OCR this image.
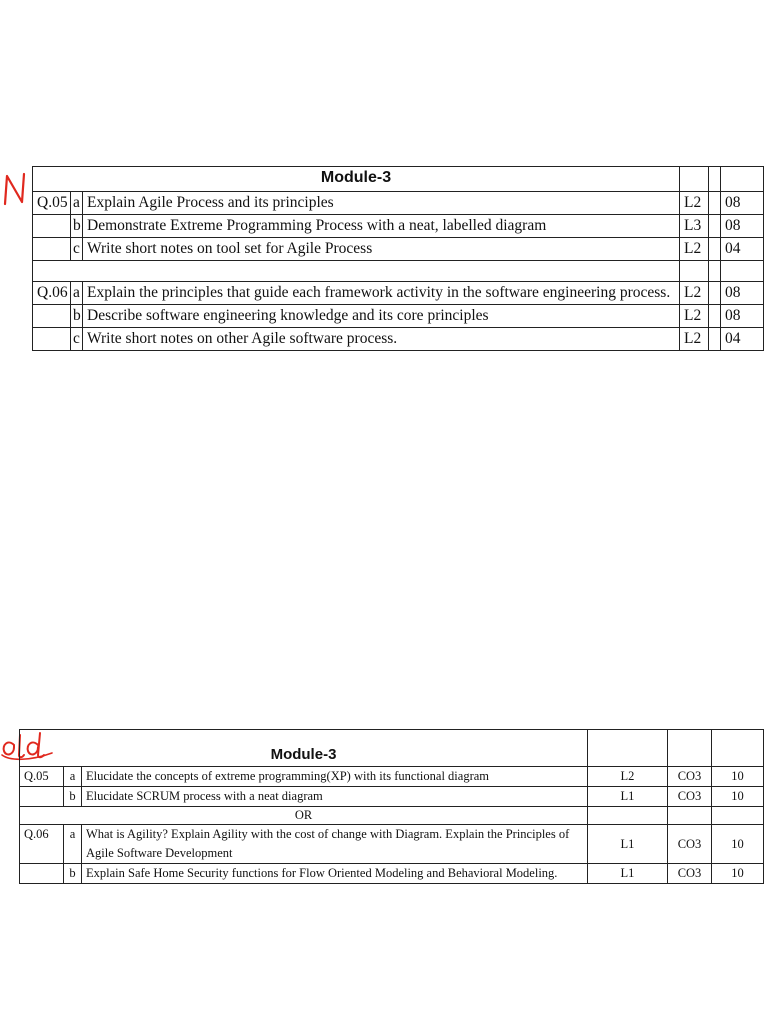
Module-3					
Q.05	a	Explain Agile Process and its principles	L2		08
	b	Demonstrate Extreme Programming Process with a neat, labelled diagram	L3		08
	c	Write short notes on tool set for Agile Process	L2		04

Q.06	a	Explain the principles that guide each framework activity in the software engineering process.	L2		08
	b	Describe software engineering knowledge and its core principles	L2		08
	c	Write short notes on other Agile software process.	L2		04
Module-3					
Q.05	a	Elucidate the concepts of extreme programming(XP) with its functional diagram	L2	CO3	10
	b	Elucidate SCRUM process with a neat diagram	L1	CO3	10
OR					
Q.06	a	What is Agility? Explain Agility with the cost of change with Diagram. Explain the Principles of Agile Software Development	L1	CO3	10
	b	Explain Safe Home Security functions for Flow Oriented Modeling and Behavioral Modeling.	L1	CO3	10
